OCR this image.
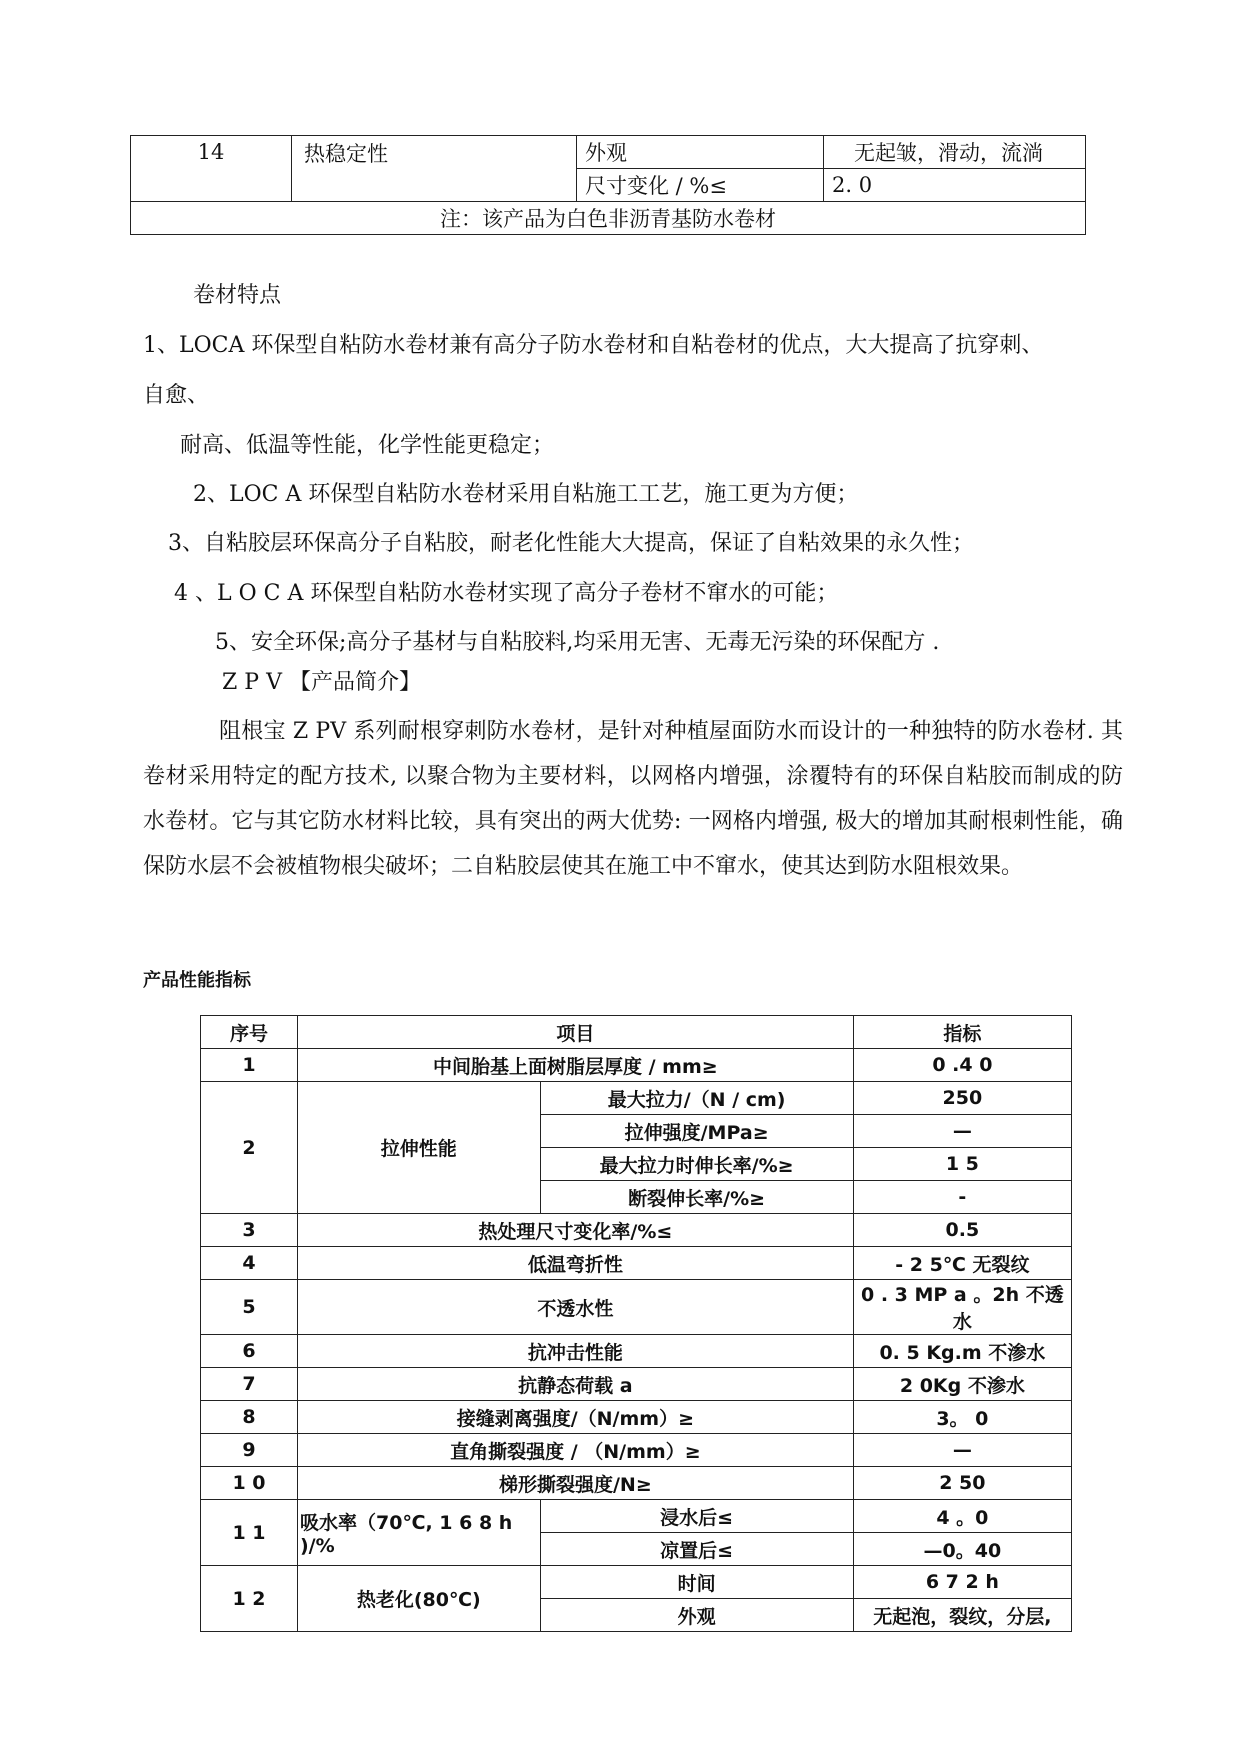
14	热稳定性	外观	无起皱，滑动，流淌
		尺寸变化 / %≤	2. 0
注：该产品为白色非沥青基防水卷材			
卷材特点
1、LOCA 环保型自粘防水卷材兼有高分子防水卷材和自粘卷材的优点，大大提高了抗穿刺、
自愈、
耐高、低温等性能，化学性能更稳定；
2、LOC A 环保型自粘防水卷材采用自粘施工工艺，施工更为方便；
3、自粘胶层环保高分子自粘胶，耐老化性能大大提高，保证了自粘效果的永久性；
4 、L O C A 环保型自粘防水卷材实现了高分子卷材不窜水的可能；
5、安全环保;高分子基材与自粘胶料,均采用无害、无毒无污染的环保配方 .
Z P V 【产品简介】
阻根宝 Z PV 系列耐根穿刺防水卷材，是针对种植屋面防水而设计的一种独特的防水卷材. 其卷材采用特定的配方技术, 以聚合物为主要材料，以网格内增强，涂覆特有的环保自粘胶而制成的防水卷材。它与其它防水材料比较，具有突出的两大优势: 一网格内增强, 极大的增加其耐根刺性能，确保防水层不会被植物根尖破坏；二自粘胶层使其在施工中不窜水，使其达到防水阻根效果。
产品性能指标
序号	项目		指标
1	中间胎基上面树脂层厚度 / mm≥		0 .4 0
2	拉伸性能	最大拉力/（N / cm)	250
		拉伸强度/MPa≥	—
		最大拉力时伸长率/%≥	1 5
		断裂伸长率/%≥	-
3	热处理尺寸变化率/%≤		0.5
4	低温弯折性		- 2 5℃ 无裂纹
5	不透水性		0 . 3 MP a 。2h 不透水
6	抗冲击性能		0. 5 Kg.m 不渗水
7	抗静态荷载 a		2 0Kg 不渗水
8	接缝剥离强度/（N/mm）≥		3。 0
9	直角撕裂强度 / （N/mm）≥		—
1 0	梯形撕裂强度/N≥		2 50
1 1	吸水率（70℃, 1 6 8 h )/%	浸水后≤	4 。0
		凉置后≤	—0。40
1 2	热老化(80℃)	时间	6 7 2 h
		外观	无起泡，裂纹，分层,
